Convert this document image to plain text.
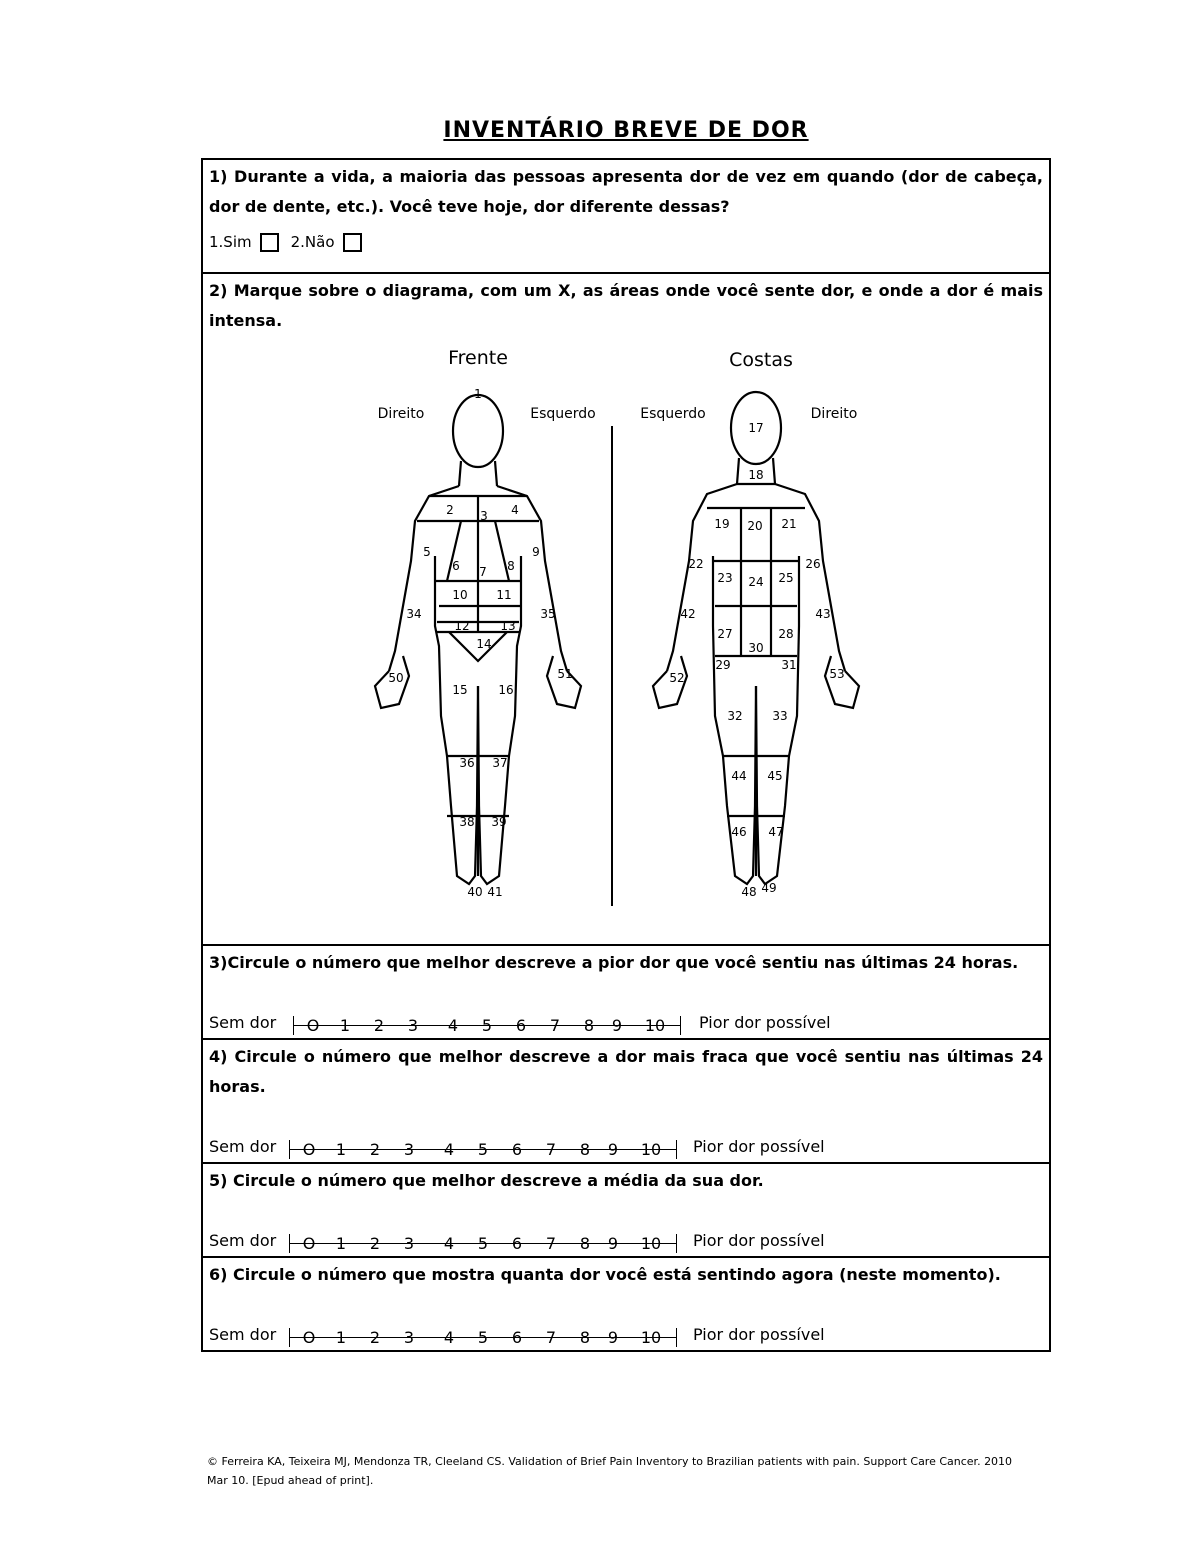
INVENTÁRIO BREVE DE DOR
1) Durante a vida, a maioria das pessoas apresenta dor de vez em quando (dor de cabeça, dor de dente, etc.). Você teve hoje, dor diferente dessas?
1.Sim	2.Não
2) Marque sobre o diagrama, com um X, as áreas onde você sente dor, e onde a dor é mais intensa.
Frente	Costas
Direito	Esquerdo	Esquerdo	Direito
1
2 3 4
5
6 7 8
9
10 11
12	13
14
15	16
34	35
36 37
38 39
40 41
50	51
17
18
19 20 21
22
23 24 25
26
27	28
29
30
31
32 33
42	43
44 45
46 47
48 49
52	53
3)Circule o número que melhor descreve a pior dor que você sentiu nas últimas 24 horas.
Sem dor O 1 2 3 4 5 6 7 8 9 10 Pior dor possível
4) Circule o número que melhor descreve a dor mais fraca que você sentiu nas últimas 24 horas.
Sem dor O 1 2 3 4 5 6 7 8 9 10 Pior dor possível
5) Circule o número que melhor descreve a média da sua dor.
Sem dor O 1 2 3 4 5 6 7 8 9 10 Pior dor possível
6) Circule o número que mostra quanta dor você está sentindo agora (neste momento).
Sem dor O 1 2 3 4 5 6 7 8 9 10 Pior dor possível
© Ferreira KA, Teixeira MJ, Mendonza TR, Cleeland CS. Validation of Brief Pain Inventory to Brazilian patients with pain. Support Care Cancer. 2010 Mar 10. [Epud ahead of print].
